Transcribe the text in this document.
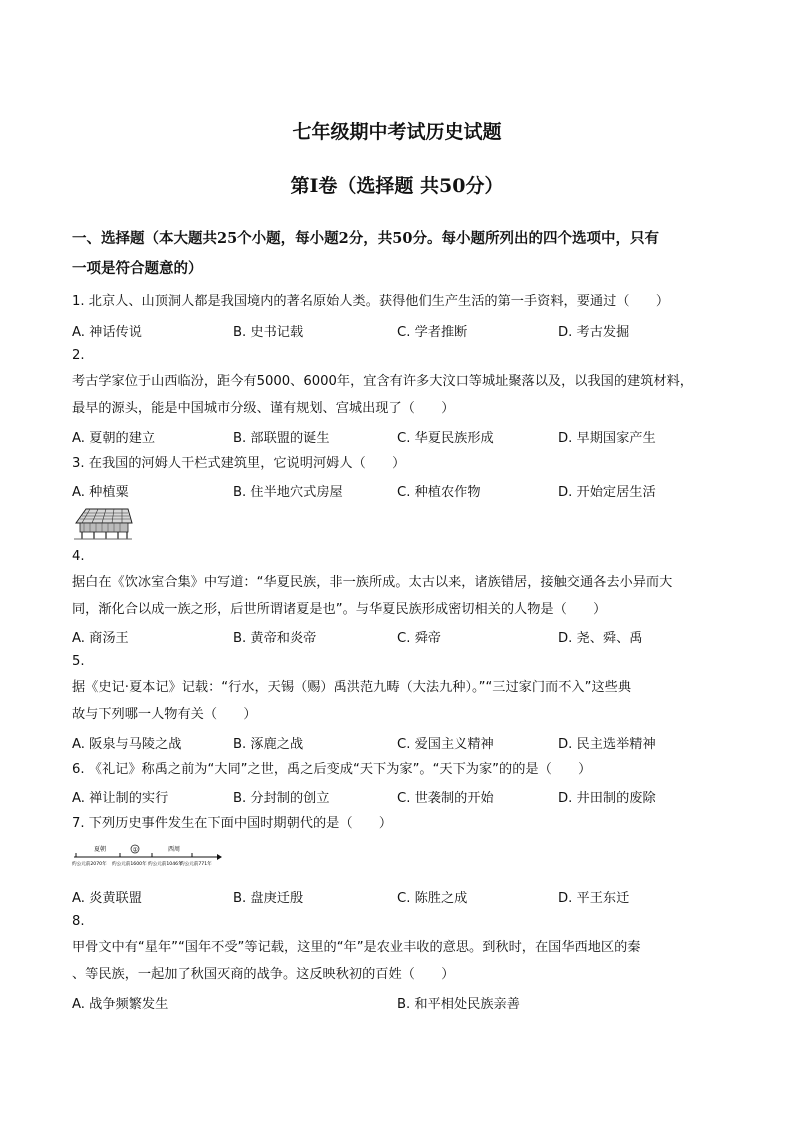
七年级期中考试历史试题
第Ⅰ卷（选择题 共50分）
一、选择题（本大题共25个小题，每小题2分，共50分。每小题所列出的四个选项中，只有
一项是符合题意的）
1. 北京人、山顶洞人都是我国境内的著名原始人类。获得他们生产生活的第一手资料，要通过（　　）
A. 神话传说	B. 史书记载	C. 学者推断	D. 考古发掘
2.
考古学家位于山西临汾，距今有5000、6000年，宜含有许多大汶口等城址聚落以及，以我国的建筑材料，
最早的源头，能是中国城市分级、谨有规划、宫城出现了（　　）
A. 夏朝的建立	B. 部联盟的诞生	C. 华夏民族形成	D. 早期国家产生
3. 在我国的河姆人干栏式建筑里，它说明河姆人（　　）
A. 种植粟	B. 住半地穴式房屋	C. 种植农作物	D. 开始定居生活
4.
据白在《饮冰室合集》中写道：“华夏民族，非一族所成。太古以来，诸族错居，接触交通各去小异而大
同，渐化合以成一族之形，后世所谓诸夏是也”。与华夏民族形成密切相关的人物是（　　）
A. 商汤王	B. 黄帝和炎帝	C. 舜帝	D. 尧、舜、禹
5.
据《史记·夏本记》记载：“行水，天锡（赐）禹洪范九畴（大法九种）。”“三过家门而不入”这些典
故与下列哪一人物有关（　　）
A. 阪泉与马陵之战	B. 涿鹿之战	C. 爱国主义精神	D. 民主选举精神
6. 《礼记》称禹之前为“大同”之世，禹之后变成“天下为家”。“天下为家”的的是（　　）
A. 禅让制的实行	B. 分封制的创立	C. 世袭制的开始	D. 井田制的废除
7. 下列历史事件发生在下面中国时期朝代的是（　　）
夏朝	①	西周
约公元前2070年 约公元前1600年 约公元前1046年
约公元前771年
A. 炎黄联盟	B. 盘庚迁殷	C. 陈胜之成	D. 平王东迁
8.
甲骨文中有“星年”“国年不受”等记载，这里的“年”是农业丰收的意思。到秋时，在国华西地区的秦
、等民族，一起加了秋国灭商的战争。这反映秋初的百姓（　　）
A. 战争频繁发生	B. 和平相处民族亲善
